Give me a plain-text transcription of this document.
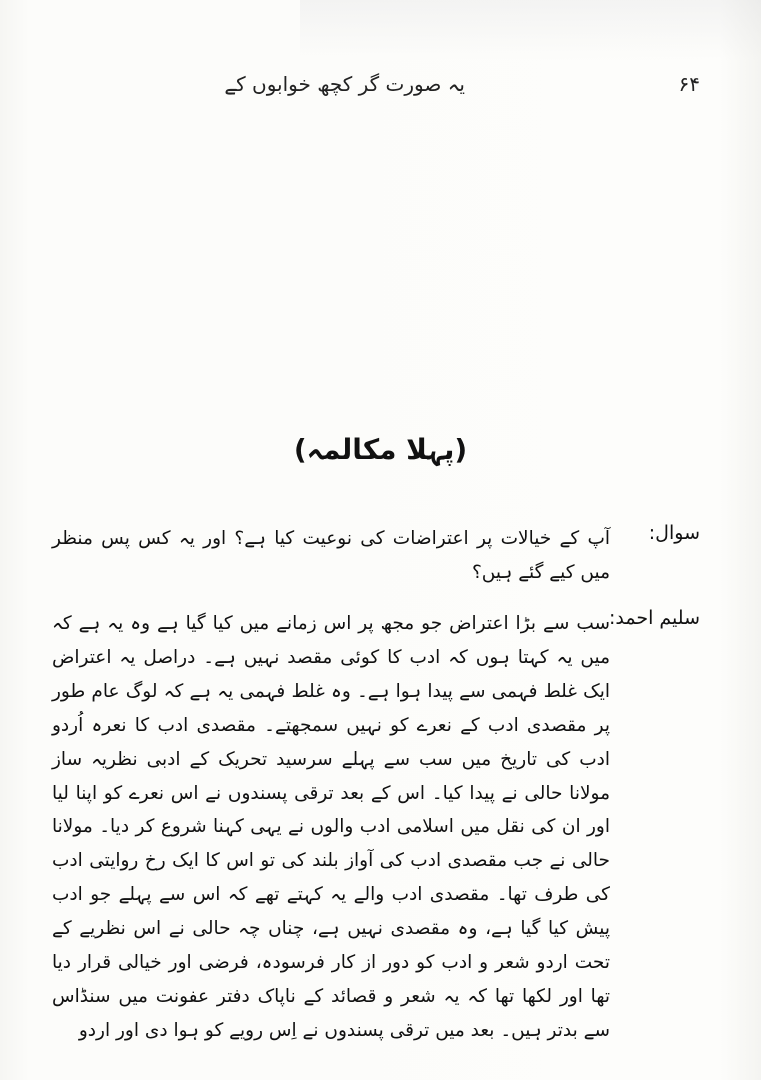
۶۴
یہ صورت گر کچھ خوابوں کے
(پہلا مکالمہ)
سوال:
آپ کے خیالات پر اعتراضات کی نوعیت کیا ہے؟ اور یہ کس پس منظر میں کیے گئے ہیں؟
سلیم احمد:
سب سے بڑا اعتراض جو مجھ پر اس زمانے میں کیا گیا ہے وہ یہ ہے کہ میں یہ کہتا ہوں کہ ادب کا کوئی مقصد نہیں ہے۔ دراصل یہ اعتراض ایک غلط فہمی سے پیدا ہوا ہے۔ وہ غلط فہمی یہ ہے کہ لوگ عام طور پر مقصدی ادب کے نعرے کو نہیں سمجھتے۔ مقصدی ادب کا نعرہ اُردو ادب کی تاریخ میں سب سے پہلے سرسید تحریک کے ادبی نظریہ ساز مولانا حالی نے پیدا کیا۔ اس کے بعد ترقی پسندوں نے اس نعرے کو اپنا لیا اور ان کی نقل میں اسلامی ادب والوں نے یہی کہنا شروع کر دیا۔ مولانا حالی نے جب مقصدی ادب کی آواز بلند کی تو اس کا ایک رخ روایتی ادب کی طرف تھا۔ مقصدی ادب والے یہ کہتے تھے کہ اس سے پہلے جو ادب پیش کیا گیا ہے، وہ مقصدی نہیں ہے، چناں چہ حالی نے اس نظریے کے تحت اردو شعر و ادب کو دور از کار فرسودہ، فرضی اور خیالی قرار دیا تھا اور لکھا تھا کہ یہ شعر و قصائد کے ناپاک دفتر عفونت میں سنڈاس سے بدتر ہیں۔ بعد میں ترقی پسندوں نے اِس رویے کو ہوا دی اور اردو
